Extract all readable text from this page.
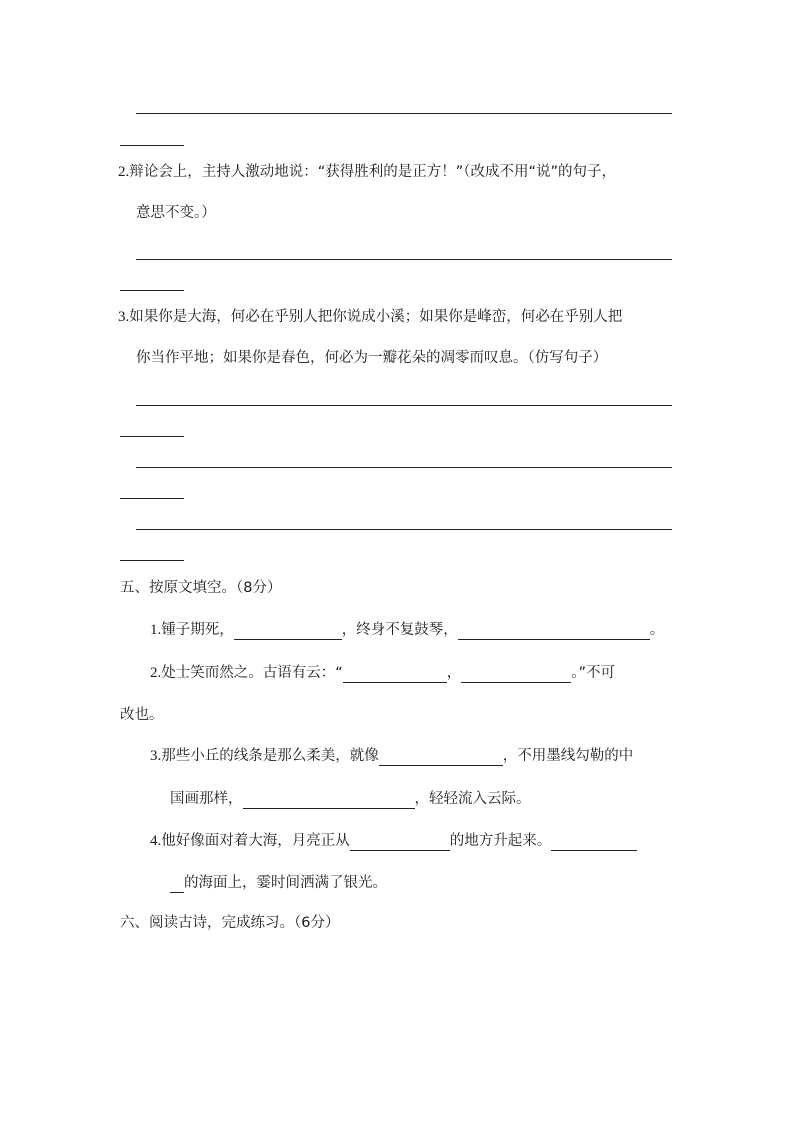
2.辩论会上，主持人激动地说：“获得胜利的是正方！”（改成不用“说”的句子，
意思不变。）
3.如果你是大海，何必在乎别人把你说成小溪；如果你是峰峦，何必在乎别人把
你当作平地；如果你是春色，何必为一瓣花朵的凋零而叹息。（仿写句子）
五、按原文填空。（8分）
1.锺子期死，	，终身不复鼓琴，	。
2.处士笑而然之。古语有云：“	，	。”不可
改也。
3.那些小丘的线条是那么柔美，就像	，不用墨线勾勒的中
国画那样，	，轻轻流入云际。
4.他好像面对着大海，月亮正从	的地方升起来。
的海面上，霎时间洒满了银光。
六、阅读古诗，完成练习。（6分）
